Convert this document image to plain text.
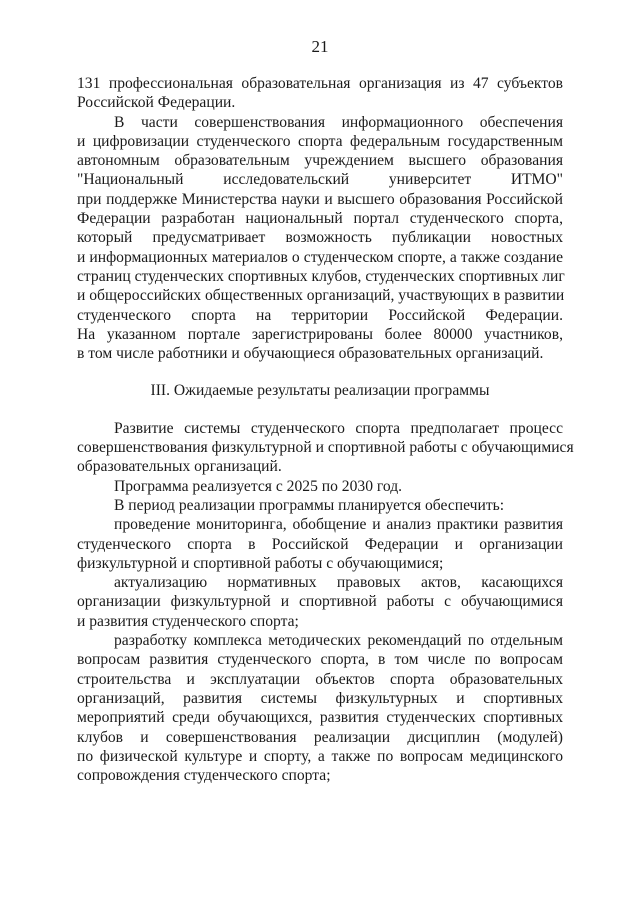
21
131 профессиональная образовательная организация из 47 субъектов
Российской Федерации.
В части совершенствования информационного обеспечения
и цифровизации студенческого спорта федеральным государственным
автономным образовательным учреждением высшего образования
"Национальный исследовательский университет ИТМО"
при поддержке Министерства науки и высшего образования Российской
Федерации разработан национальный портал студенческого спорта,
который предусматривает возможность публикации новостных
и информационных материалов о студенческом спорте, а также создание
страниц студенческих спортивных клубов, студенческих спортивных лиг
и общероссийских общественных организаций, участвующих в развитии
студенческого спорта на территории Российской Федерации.
На указанном портале зарегистрированы более 80000 участников,
в том числе работники и обучающиеся образовательных организаций.
III. Ожидаемые результаты реализации программы
Развитие системы студенческого спорта предполагает процесс
совершенствования физкультурной и спортивной работы с обучающимися
образовательных организаций.
Программа реализуется с 2025 по 2030 год.
В период реализации программы планируется обеспечить:
проведение мониторинга, обобщение и анализ практики развития
студенческого спорта в Российской Федерации и организации
физкультурной и спортивной работы с обучающимися;
актуализацию нормативных правовых актов, касающихся
организации физкультурной и спортивной работы с обучающимися
и развития студенческого спорта;
разработку комплекса методических рекомендаций по отдельным
вопросам развития студенческого спорта, в том числе по вопросам
строительства и эксплуатации объектов спорта образовательных
организаций, развития системы физкультурных и спортивных
мероприятий среди обучающихся, развития студенческих спортивных
клубов и совершенствования реализации дисциплин (модулей)
по физической культуре и спорту, а также по вопросам медицинского
сопровождения студенческого спорта;
